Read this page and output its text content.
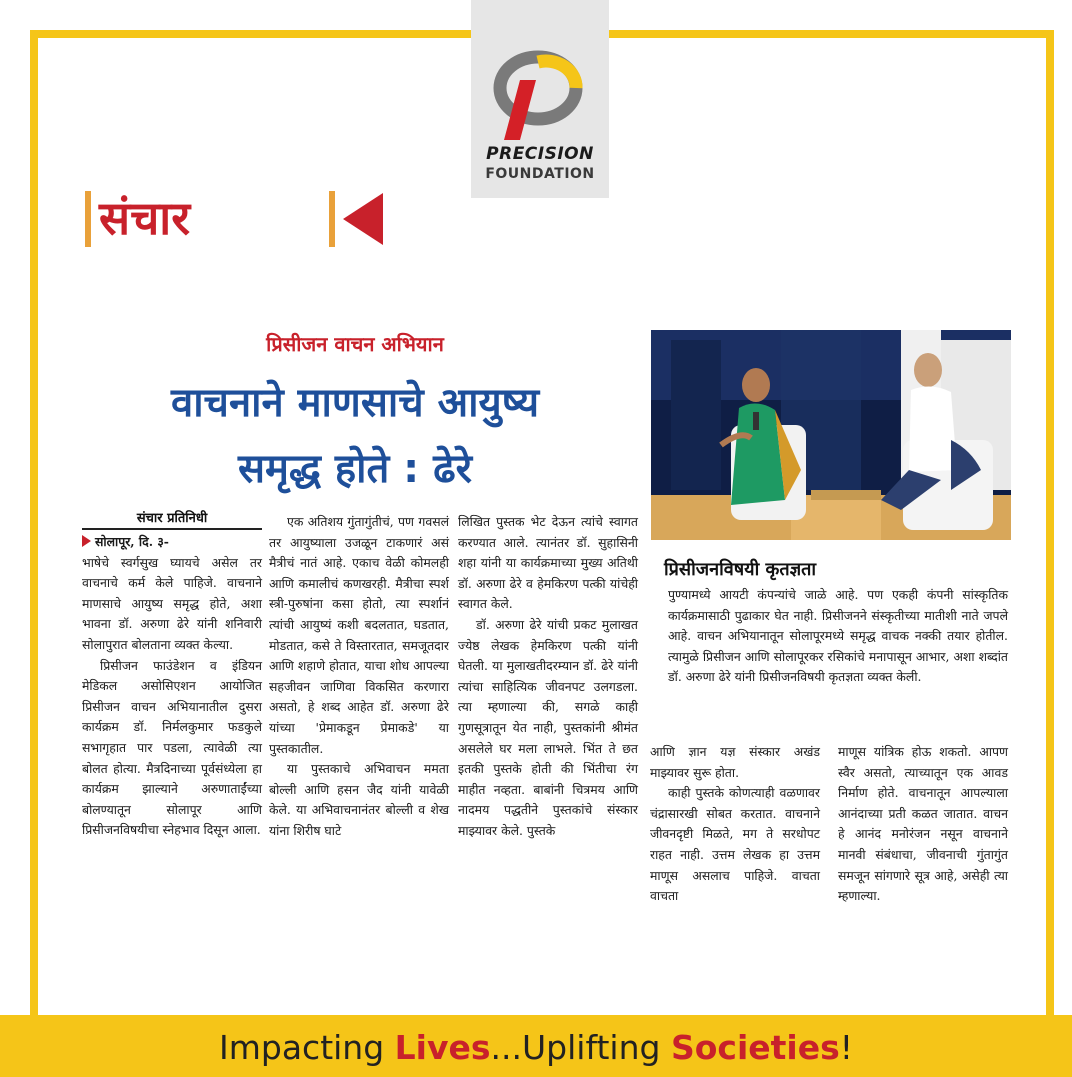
PRECISION
FOUNDATION
संचार
प्रिसीजन वाचन अभियान
वाचनाने माणसाचे आयुष्य
समृद्ध होते : ढेरे
संचार प्रतिनिधी

सोलापूर, दि. ३-

भाषेचे स्वर्गसुख घ्यायचे असेल तर वाचनाचे कर्म केले पाहिजे. वाचनाने माणसाचे आयुष्य समृद्ध होते, अशा भावना डॉ. अरुणा ढेरे यांनी शनिवारी सोलापुरात बोलताना व्यक्त केल्या.

प्रिसीजन फाउंडेशन व इंडियन मेडिकल असोसिएशन आयोजित प्रिसीजन वाचन अभियानातील दुसरा कार्यक्रम डॉ. निर्मलकुमार फडकुले सभागृहात पार पडला, त्यावेळी त्या बोलत होत्या. मैत्रदिनाच्या पूर्वसंध्येला हा कार्यक्रम झाल्याने अरुणाताईंच्या बोलण्यातून सोलापूर आणि प्रिसीजनविषयीचा स्नेहभाव दिसून आला.

एक अतिशय गुंतागुंतीचं, पण गवसलं तर आयुष्याला उजळून टाकणारं असं मैत्रीचं नातं आहे. एकाच वेळी कोमलही आणि कमालीचं कणखरही. मैत्रीचा स्पर्श स्त्री-पुरुषांना कसा होतो, त्या स्पर्शानं त्यांची आयुष्यं कशी बदलतात, घडतात, मोडतात, कसे ते विस्तारतात, समजूतदार आणि शहाणे होतात, याचा शोध आपल्या सहजीवन जाणिवा विकसित करणारा असतो, हे शब्द आहेत डॉ. अरुणा ढेरे यांच्या 'प्रेमाकडून प्रेमाकडे' या पुस्तकातील.

या पुस्तकाचे अभिवाचन ममता बोल्ली आणि हसन जैद यांनी यावेळी केले. या अभिवाचनानंतर बोल्ली व शेख यांना शिरीष घाटे

लिखित पुस्तक भेट देऊन त्यांचे स्वागत करण्यात आले. त्यानंतर डॉ. सुहासिनी शहा यांनी या कार्यक्रमाच्या मुख्य अतिथी डॉ. अरुणा ढेरे व हेमकिरण पत्की यांचेही स्वागत केले.

डॉ. अरुणा ढेरे यांची प्रकट मुलाखत ज्येष्ठ लेखक हेमकिरण पत्की यांनी घेतली. या मुलाखतीदरम्यान डॉ. ढेरे यांनी त्यांचा साहित्यिक जीवनपट उलगडला. त्या म्हणाल्या की, सगळे काही गुणसूत्रातून येत नाही, पुस्तकांनी श्रीमंत असलेले घर मला लाभले. भिंत ते छत इतकी पुस्तके होती की भिंतीचा रंग माहीत नव्हता. बाबांनी चित्रमय आणि नादमय पद्धतीने पुस्तकांचे संस्कार माझ्यावर केले. पुस्तके

आणि ज्ञान यज्ञ संस्कार अखंड माझ्यावर सुरू होता.

काही पुस्तके कोणत्याही वळणावर चंद्रासारखी सोबत करतात. वाचनाने जीवनदृष्टी मिळते, मग ते सरधोपट राहत नाही. उत्तम लेखक हा उत्तम माणूस असलाच पाहिजे. वाचता वाचता

माणूस यांत्रिक होऊ शकतो. आपण स्वैर असतो, त्याच्यातून एक आवड निर्माण होते. वाचनातून आपल्याला आनंदाच्या प्रती कळत जातात. वाचन हे आनंद मनोरंजन नसून वाचनाने मानवी संबंधाचा, जीवनाची गुंतागुंत समजून सांगणारे सूत्र आहे, असेही त्या म्हणाल्या.

प्रिसीजनविषयी कृतज्ञता
पुण्यामध्ये आयटी कंपन्यांचे जाळे आहे. पण एकही कंपनी सांस्कृतिक कार्यक्रमासाठी पुढाकार घेत नाही. प्रिसीजनने संस्कृतीच्या मातीशी नाते जपले आहे. वाचन अभियानातून सोलापूरमध्ये समृद्ध वाचक नक्की तयार होतील. त्यामुळे प्रिसीजन आणि सोलापूरकर रसिकांचे मनापासून आभार, अशा शब्दांत डॉ. अरुणा ढेरे यांनी प्रिसीजनविषयी कृतज्ञता व्यक्त केली.
Impacting Lives...Uplifting Societies!
